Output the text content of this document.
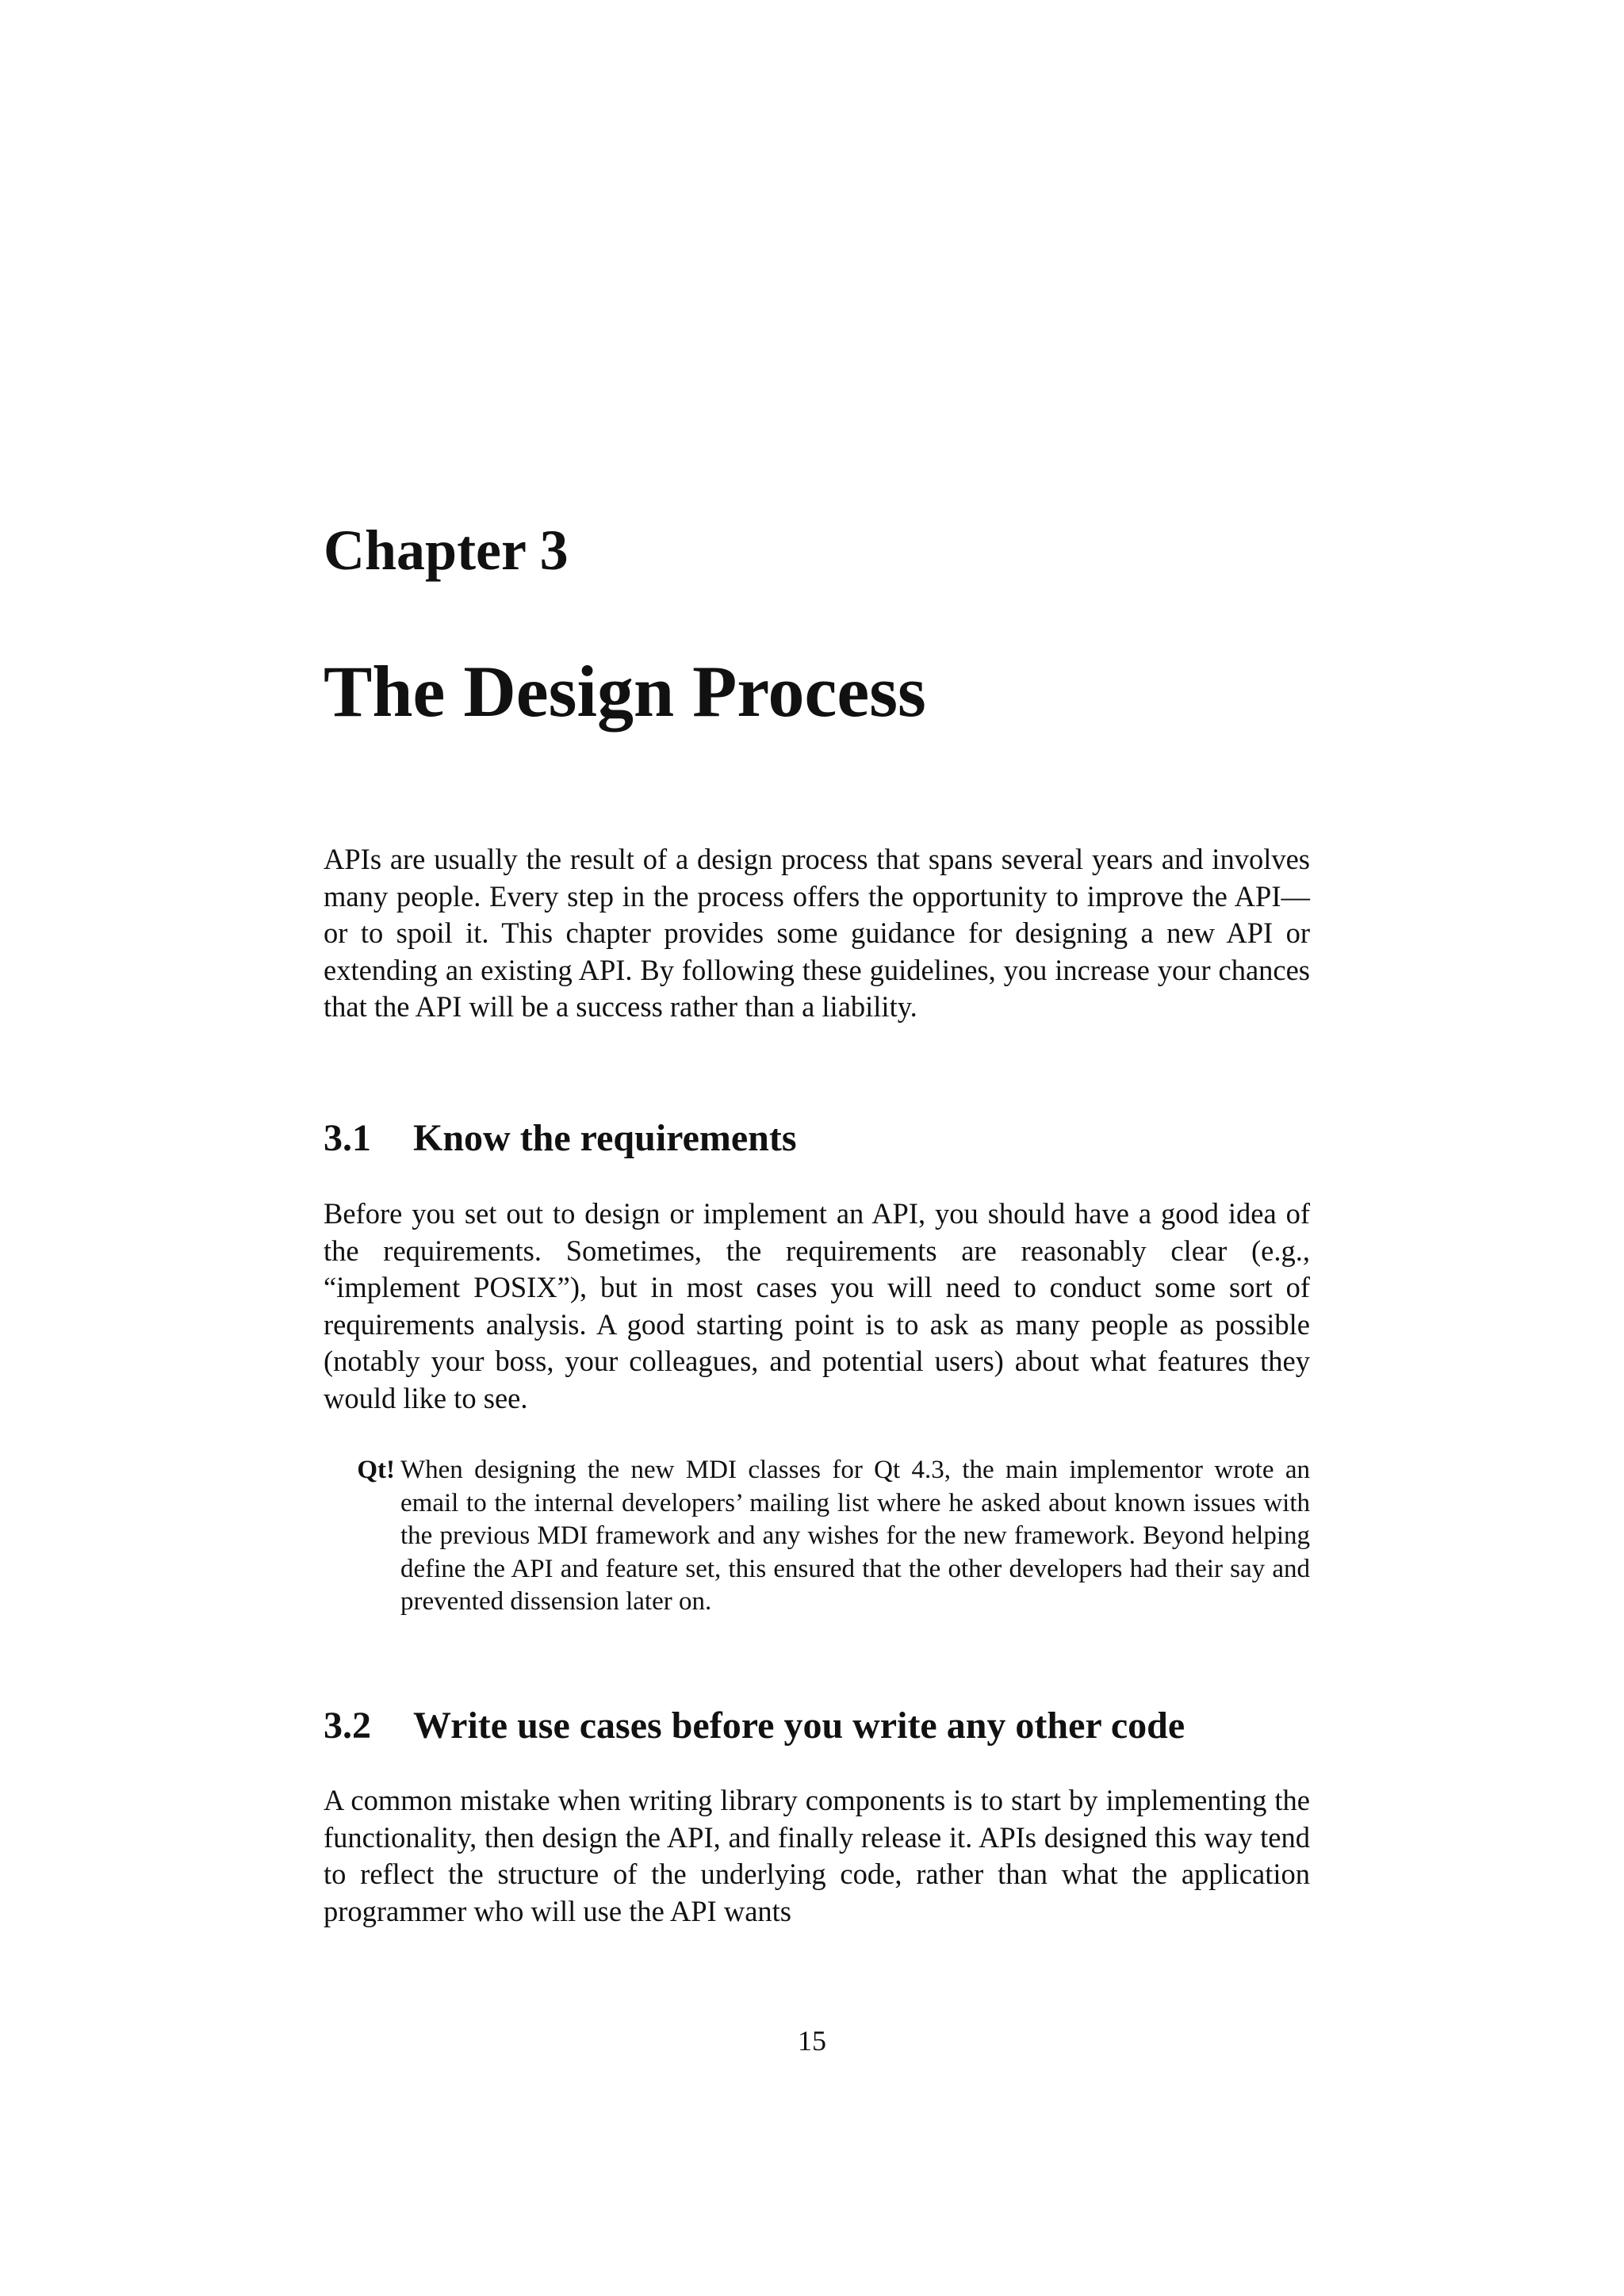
Chapter 3
The Design Process

APIs are usually the result of a design process that spans several years and involves many people. Every step in the process offers the opportunity to improve the API—or to spoil it. This chapter provides some guidance for designing a new API or extending an existing API. By following these guidelines, you increase your chances that the API will be a success rather than a liability.

3.1	Know the requirements

Before you set out to design or implement an API, you should have a good idea of the requirements. Sometimes, the requirements are reasonably clear (e.g., “implement POSIX”), but in most cases you will need to conduct some sort of requirements analysis. A good starting point is to ask as many people as possible (notably your boss, your colleagues, and potential users) about what features they would like to see.

Qt! When designing the new MDI classes for Qt 4.3, the main implementor wrote an email to the internal developers’ mailing list where he asked about known issues with the previous MDI framework and any wishes for the new framework. Beyond helping define the API and feature set, this ensured that the other developers had their say and prevented dissension later on.

3.2	Write use cases before you write any other code

A common mistake when writing library components is to start by implementing the functionality, then design the API, and finally release it. APIs designed this way tend to reflect the structure of the underlying code, rather than what the application programmer who will use the API wants

15
